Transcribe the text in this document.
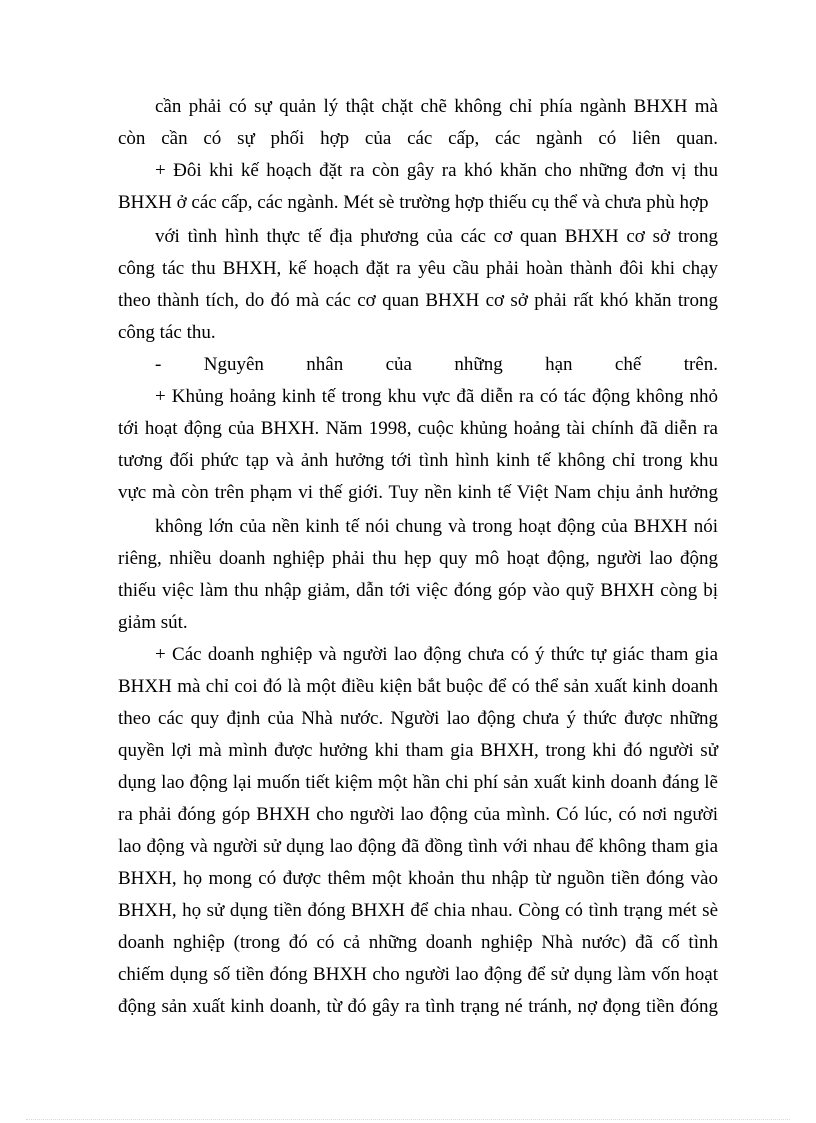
cần phải có sự quản lý thật chặt chẽ không chỉ phía ngành BHXH mà
còn cần có sự phối hợp của các cấp, các ngành có liên quan.
+ Đôi khi kế hoạch đặt ra còn gây ra khó khăn cho những đơn vị thu
BHXH ở các cấp, các ngành. Mét sè trường hợp thiếu cụ thể và chưa phù hợp
với tình hình thực tế địa phương của các cơ quan BHXH cơ sở trong
công tác thu BHXH, kế hoạch đặt ra yêu cầu phải hoàn thành đôi khi chạy
theo thành tích, do đó mà các cơ quan BHXH cơ sở phải rất khó khăn trong
công tác thu.
- Nguyên nhân của những hạn chế trên.
+ Khủng hoảng kinh tế trong khu vực đã diễn ra có tác động không nhỏ
tới hoạt động của BHXH. Năm 1998, cuộc khủng hoảng tài chính đã diễn ra
tương đối phức tạp và ảnh hưởng tới tình hình kinh tế không chỉ trong khu
vực mà còn trên phạm vi thế giới. Tuy nền kinh tế Việt Nam chịu ảnh hưởng
không lớn của nền kinh tế nói chung và trong hoạt động của BHXH nói
riêng, nhiều doanh nghiệp phải thu hẹp quy mô hoạt động, người lao động
thiếu việc làm thu nhập giảm, dẫn tới việc đóng góp vào quỹ BHXH còng bị
giảm sút.
+ Các doanh nghiệp và người lao động chưa có ý thức tự giác tham gia
BHXH mà chỉ coi đó là một điều kiện bắt buộc để có thể sản xuất kinh doanh
theo các quy định của Nhà nước. Người lao động chưa ý thức được những
quyền lợi mà mình được hưởng khi tham gia BHXH, trong khi đó người sử
dụng lao động lại muốn tiết kiệm một hần chi phí sản xuất kinh doanh đáng lẽ
ra phải đóng góp BHXH cho người lao động của mình. Có lúc, có nơi người
lao động và người sử dụng lao động đã đồng tình với nhau để không tham gia
BHXH, họ mong có được thêm một khoản thu nhập từ nguồn tiền đóng vào
BHXH, họ sử dụng tiền đóng BHXH để chia nhau. Còng có tình trạng mét sè
doanh nghiệp (trong đó có cả những doanh nghiệp Nhà nước) đã cố tình
chiếm dụng số tiền đóng BHXH cho người lao động để sử dụng làm vốn hoạt
động sản xuất kinh doanh, từ đó gây ra tình trạng né tránh, nợ đọng tiền đóng
